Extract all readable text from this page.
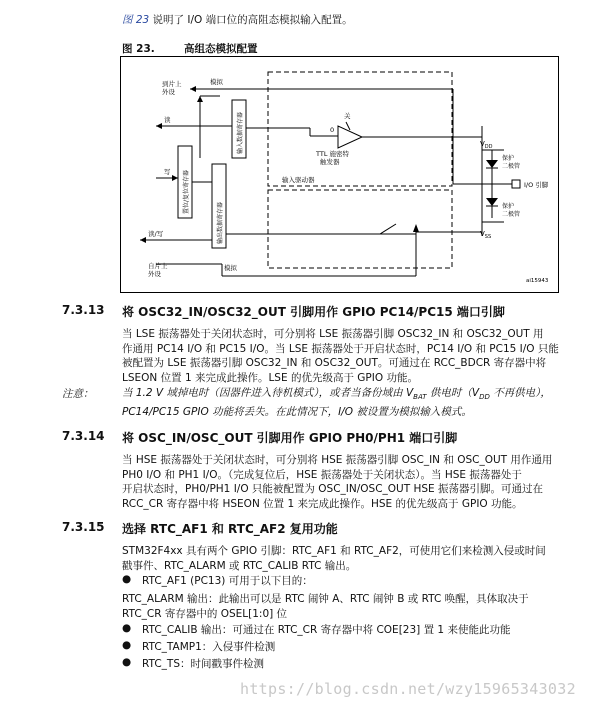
图 23 说明了 I/O 端口位的高阻态模拟输入配置。
图 23.	高组态模拟配置
到片上
外设
模拟
读
写
读/写
自片上
外设
模拟
输入数据寄存器
置位/复位寄存器
输出数据寄存器
0
关
TTL 施密特
触发器
输入驱动器
$V_{DD}$
$V_{SS}$
保护
二极管
保护
二极管
I/O 引脚
ai15943
7.3.13 将 OSC32_IN/OSC32_OUT 引脚用作 GPIO PC14/PC15 端口引脚
当 LSE 振荡器处于关闭状态时，可分别将 LSE 振荡器引脚 OSC32_IN 和 OSC32_OUT 用
作通用 PC14 I/O 和 PC15 I/O。当 LSE 振荡器处于开启状态时，PC14 I/O 和 PC15 I/O 只能
被配置为 LSE 振荡器引脚 OSC32_IN 和 OSC32_OUT。可通过在 RCC_BDCR 寄存器中将
LSEON 位置 1 来完成此操作。LSE 的优先级高于 GPIO 功能。
注意：	当 1.2 V 域掉电时（因器件进入待机模式），或者当备份域由 $V_{BAT}$ 供电时（$V_{DD}$ 不再供电），
PC14/PC15 GPIO 功能将丢失。在此情况下，I/O 被设置为模拟输入模式。
7.3.14 将 OSC_IN/OSC_OUT 引脚用作 GPIO PH0/PH1 端口引脚
当 HSE 振荡器处于关闭状态时，可分别将 HSE 振荡器引脚 OSC_IN 和 OSC_OUT 用作通用
PH0 I/O 和 PH1 I/O。（完成复位后，HSE 振荡器处于关闭状态）。当 HSE 振荡器处于
开启状态时，PH0/PH1 I/O 只能被配置为 OSC_IN/OSC_OUT HSE 振荡器引脚。可通过在
RCC_CR 寄存器中将 HSEON 位置 1 来完成此操作。HSE 的优先级高于 GPIO 功能。
7.3.15 选择 RTC_AF1 和 RTC_AF2 复用功能
STM32F4xx 具有两个 GPIO 引脚：RTC_AF1 和 RTC_AF2，可使用它们来检测入侵或时间
戳事件、RTC_ALARM 或 RTC_CALIB RTC 输出。
● RTC_AF1 (PC13) 可用于以下目的：
RTC_ALARM 输出：此输出可以是 RTC 闹钟 A、RTC 闹钟 B 或 RTC 唤醒，具体取决于
RTC_CR 寄存器中的 OSEL[1:0] 位
● RTC_CALIB 输出：可通过在 RTC_CR 寄存器中将 COE[23] 置 1 来使能此功能
● RTC_TAMP1：入侵事件检测
● RTC_TS：时间戳事件检测
https://blog.csdn.net/wzy15965343032
